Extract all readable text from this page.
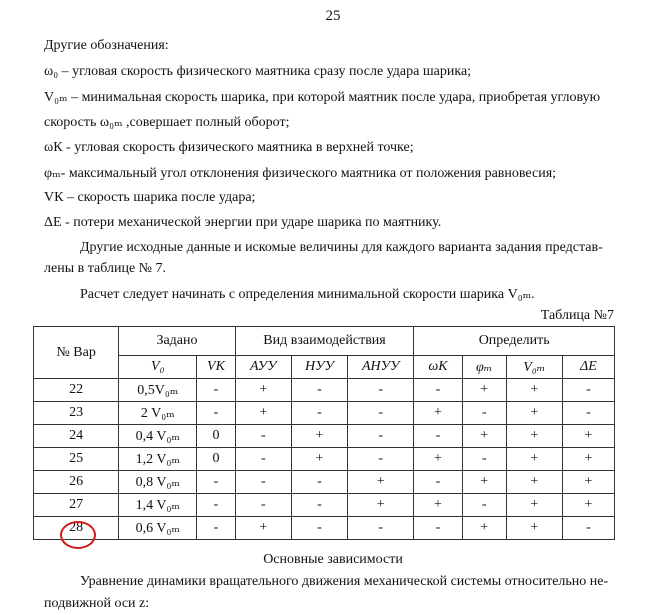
25
Другие обозначения:
ω₀ – угловая скорость физического маятника сразу после удара шарика;
V₀ₘ – минимальная скорость шарика, при которой маятник после удара, приобретая угловую
скорость ω₀ₘ ,совершает полный оборот;
ωК - угловая скорость физического маятника в верхней точке;
φₘ- максимальный угол отклонения физического маятника от положения равновесия;
VК – скорость шарика после удара;
ΔЕ - потери механической энергии при ударе шарика по маятнику.
Другие исходные данные и искомые величины для каждого варианта задания представ-
лены в таблице № 7.
Расчет следует начинать с определения минимальной скорости шарика V₀ₘ.
Таблица №7
№ Вар	Задано		Вид взаимодействия			Определить			
	V₀	VК	АУУ	НУУ	АНУУ	ωК	φₘ	V₀ₘ	ΔЕ
22	0,5V₀ₘ	-	+	-	-	-	+	+	-
23	2 V₀ₘ	-	+	-	-	+	-	+	-
24	0,4 V₀ₘ	0	-	+	-	-	+	+	+
25	1,2 V₀ₘ	0	-	+	-	+	-	+	+
26	0,8 V₀ₘ	-	-	-	+	-	+	+	+
27	1,4 V₀ₘ	-	-	-	+	+	-	+	+
28	0,6 V₀ₘ	-	+	-	-	-	+	+	-
Основные зависимости
Уравнение динамики вращательного движения механической системы относительно не-
подвижной оси z:
